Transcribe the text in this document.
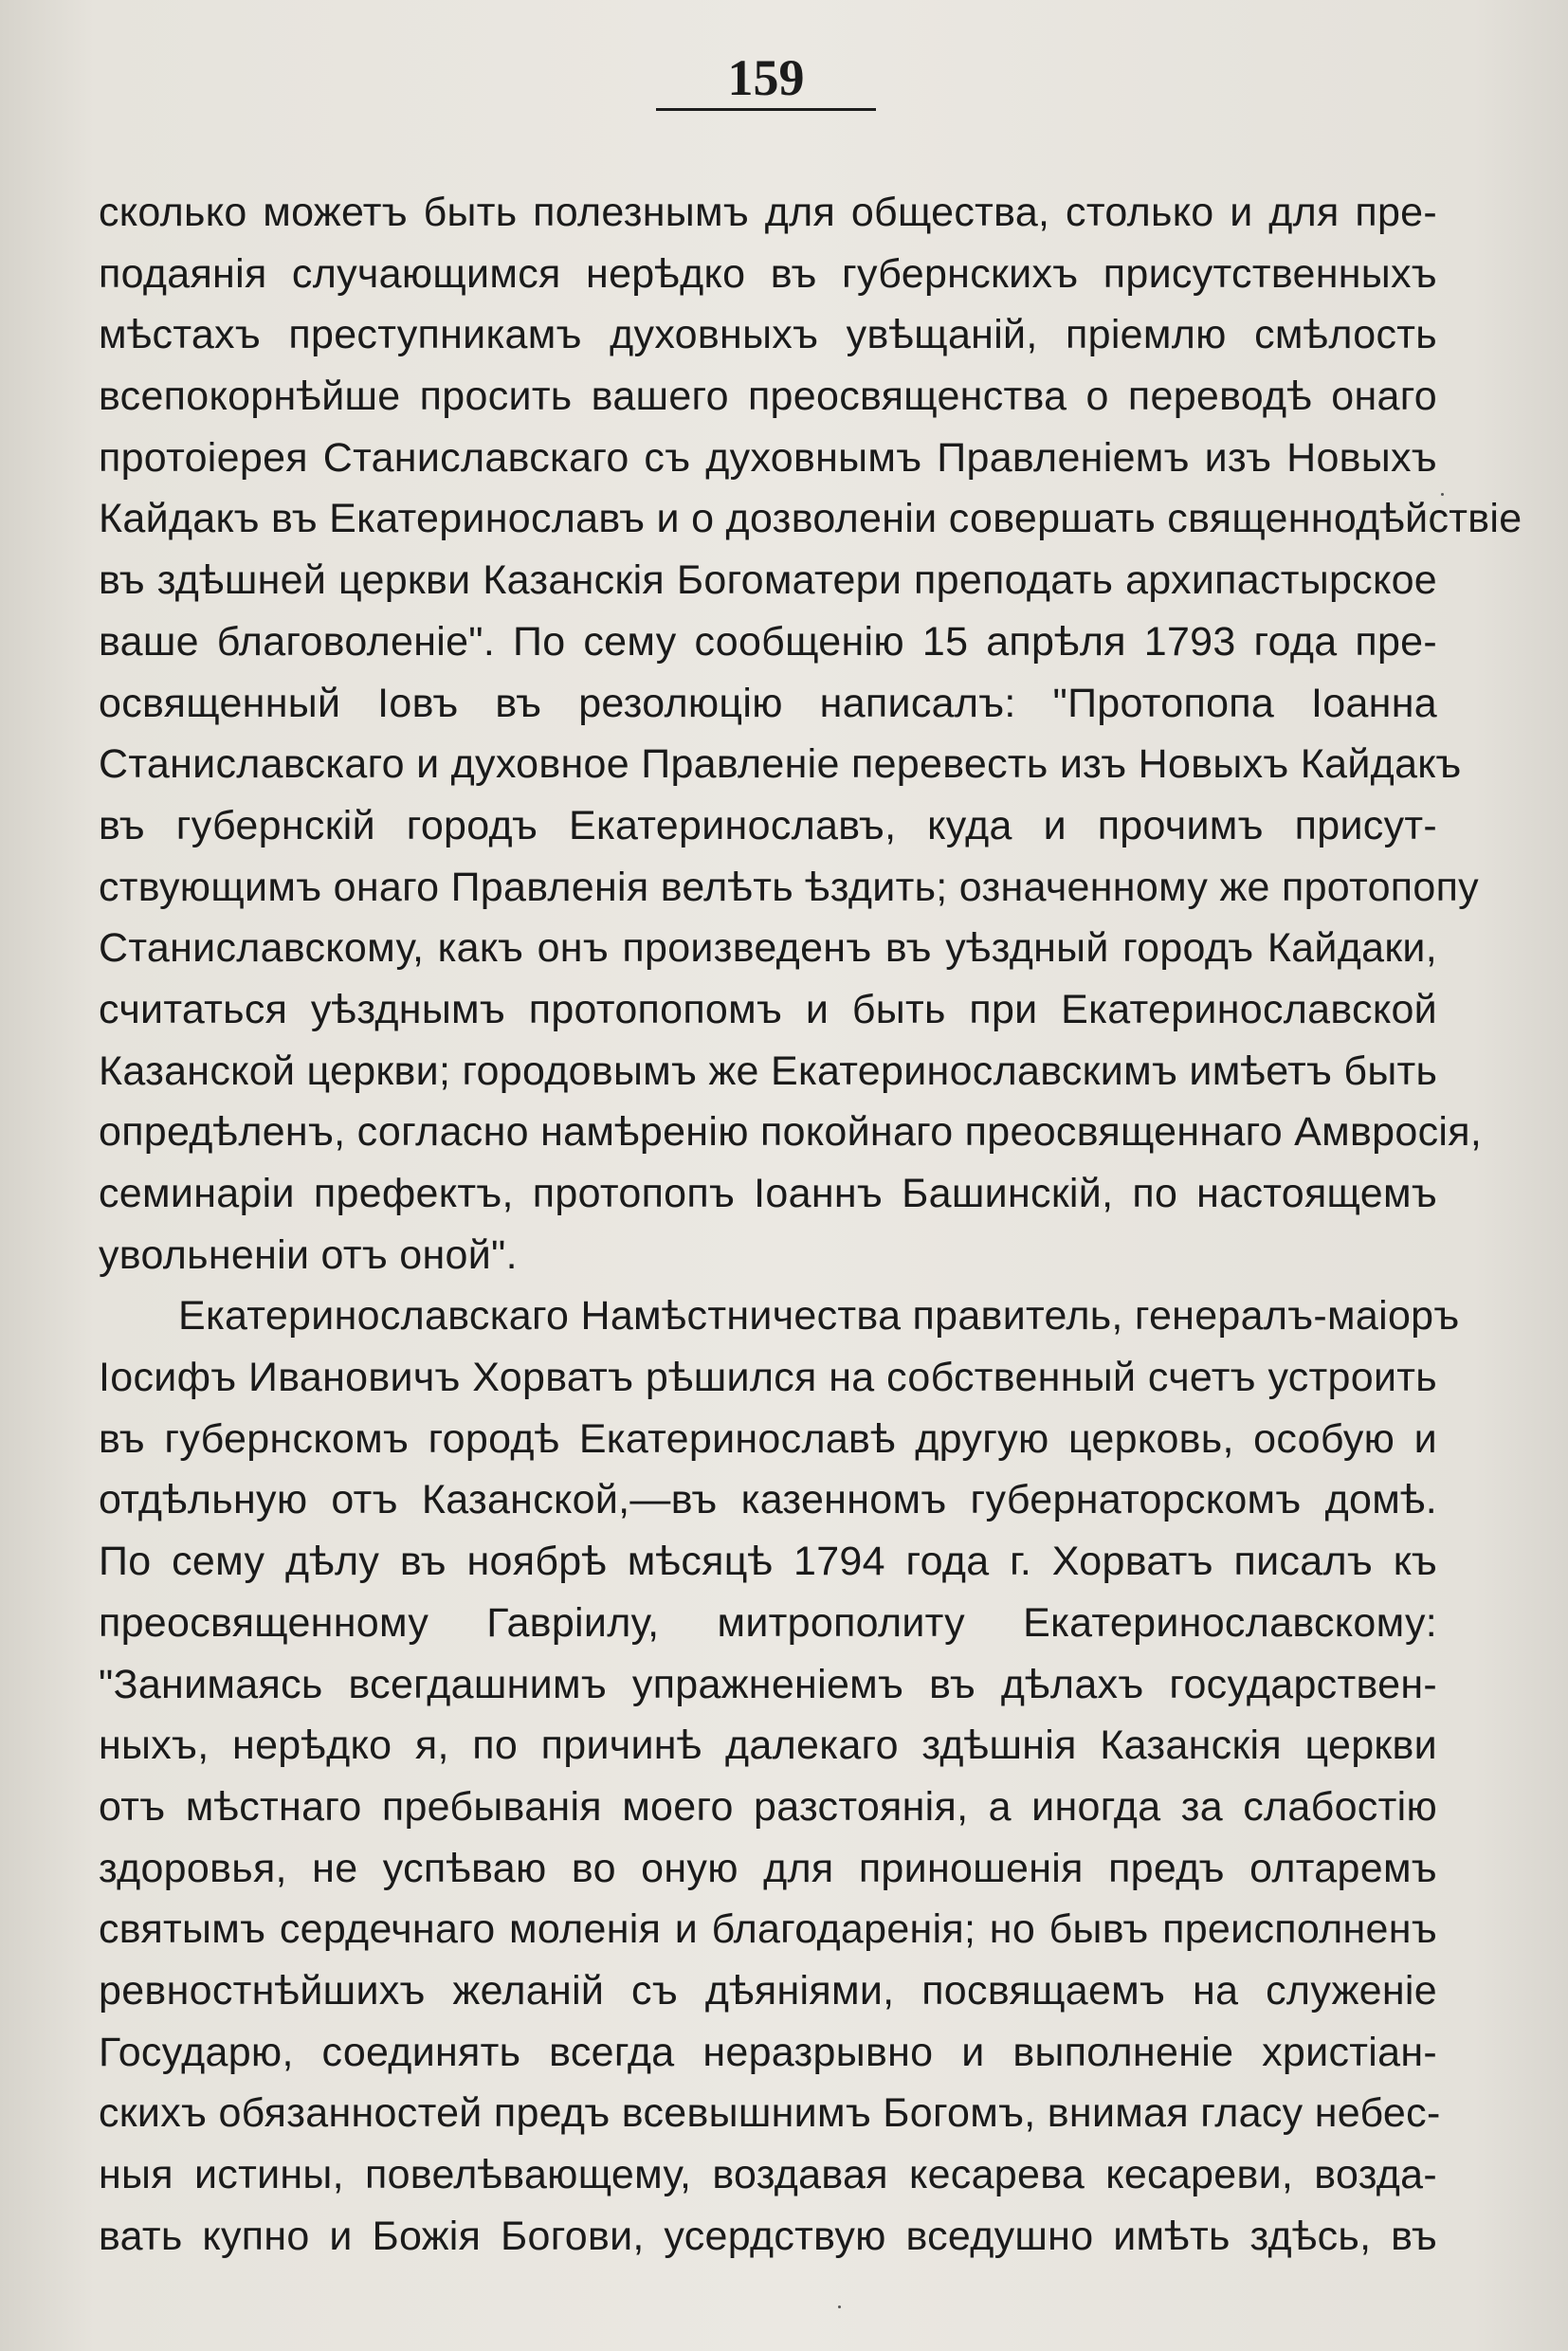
159
сколько можетъ быть полезнымъ для общества, столько и для пре-
подаянія случающимся нерѣдко въ губернскихъ присутственныхъ
мѣстахъ преступникамъ духовныхъ увѣщаній, пріемлю смѣлость
всепокорнѣйше просить вашего преосвященства о переводѣ онаго
протоіерея Станиславскаго съ духовнымъ Правленіемъ изъ Новыхъ
Кайдакъ въ Екатеринославъ и о дозволеніи совершать священнодѣйствіе
въ здѣшней церкви Казанскія Богоматери преподать архипастырское
ваше благоволеніе". По сему сообщенію 15 апрѣля 1793 года пре-
освященный Іовъ въ резолюцію написалъ: "Протопопа Іоанна
Станиславскаго и духовное Правленіе перевесть изъ Новыхъ Кайдакъ
въ губернскій городъ Екатеринославъ, куда и прочимъ присут-
ствующимъ онаго Правленія велѣть ѣздить; означенному же протопопу
Станиславскому, какъ онъ произведенъ въ уѣздный городъ Кайдаки,
считаться уѣзднымъ протопопомъ и быть при Екатеринославской
Казанской церкви; городовымъ же Екатеринославскимъ имѣетъ быть
опредѣленъ, согласно намѣренію покойнаго преосвященнаго Амвросія,
семинаріи префектъ, протопопъ Іоаннъ Башинскій, по настоящемъ
увольненіи отъ оной".
Екатеринославскаго Намѣстничества правитель, генералъ-маіоръ
Іосифъ Ивановичъ Хорватъ рѣшился на собственный счетъ устроить
въ губернскомъ городѣ Екатеринославѣ другую церковь, особую и
отдѣльную отъ Казанской,—въ казенномъ губернаторскомъ домѣ.
По сему дѣлу въ ноябрѣ мѣсяцѣ 1794 года г. Хорватъ писалъ къ
преосвященному Гавріилу, митрополиту Екатеринославскому:
"Занимаясь всегдашнимъ упражненіемъ въ дѣлахъ государствен-
ныхъ, нерѣдко я, по причинѣ далекаго здѣшнія Казанскія церкви
отъ мѣстнаго пребыванія моего разстоянія, а иногда за слабостію
здоровья, не успѣваю во оную для приношенія предъ олтаремъ
святымъ сердечнаго моленія и благодаренія; но бывъ преисполненъ
ревностнѣйшихъ желаній съ дѣяніями, посвящаемъ на служеніе
Государю, соединять всегда неразрывно и выполненіе христіан-
скихъ обязанностей предъ всевышнимъ Богомъ, внимая гласу небес-
ныя истины, повелѣвающему, воздавая кесарева кесареви, возда-
вать купно и Божія Богови, усердствую вседушно имѣть здѣсь, въ
